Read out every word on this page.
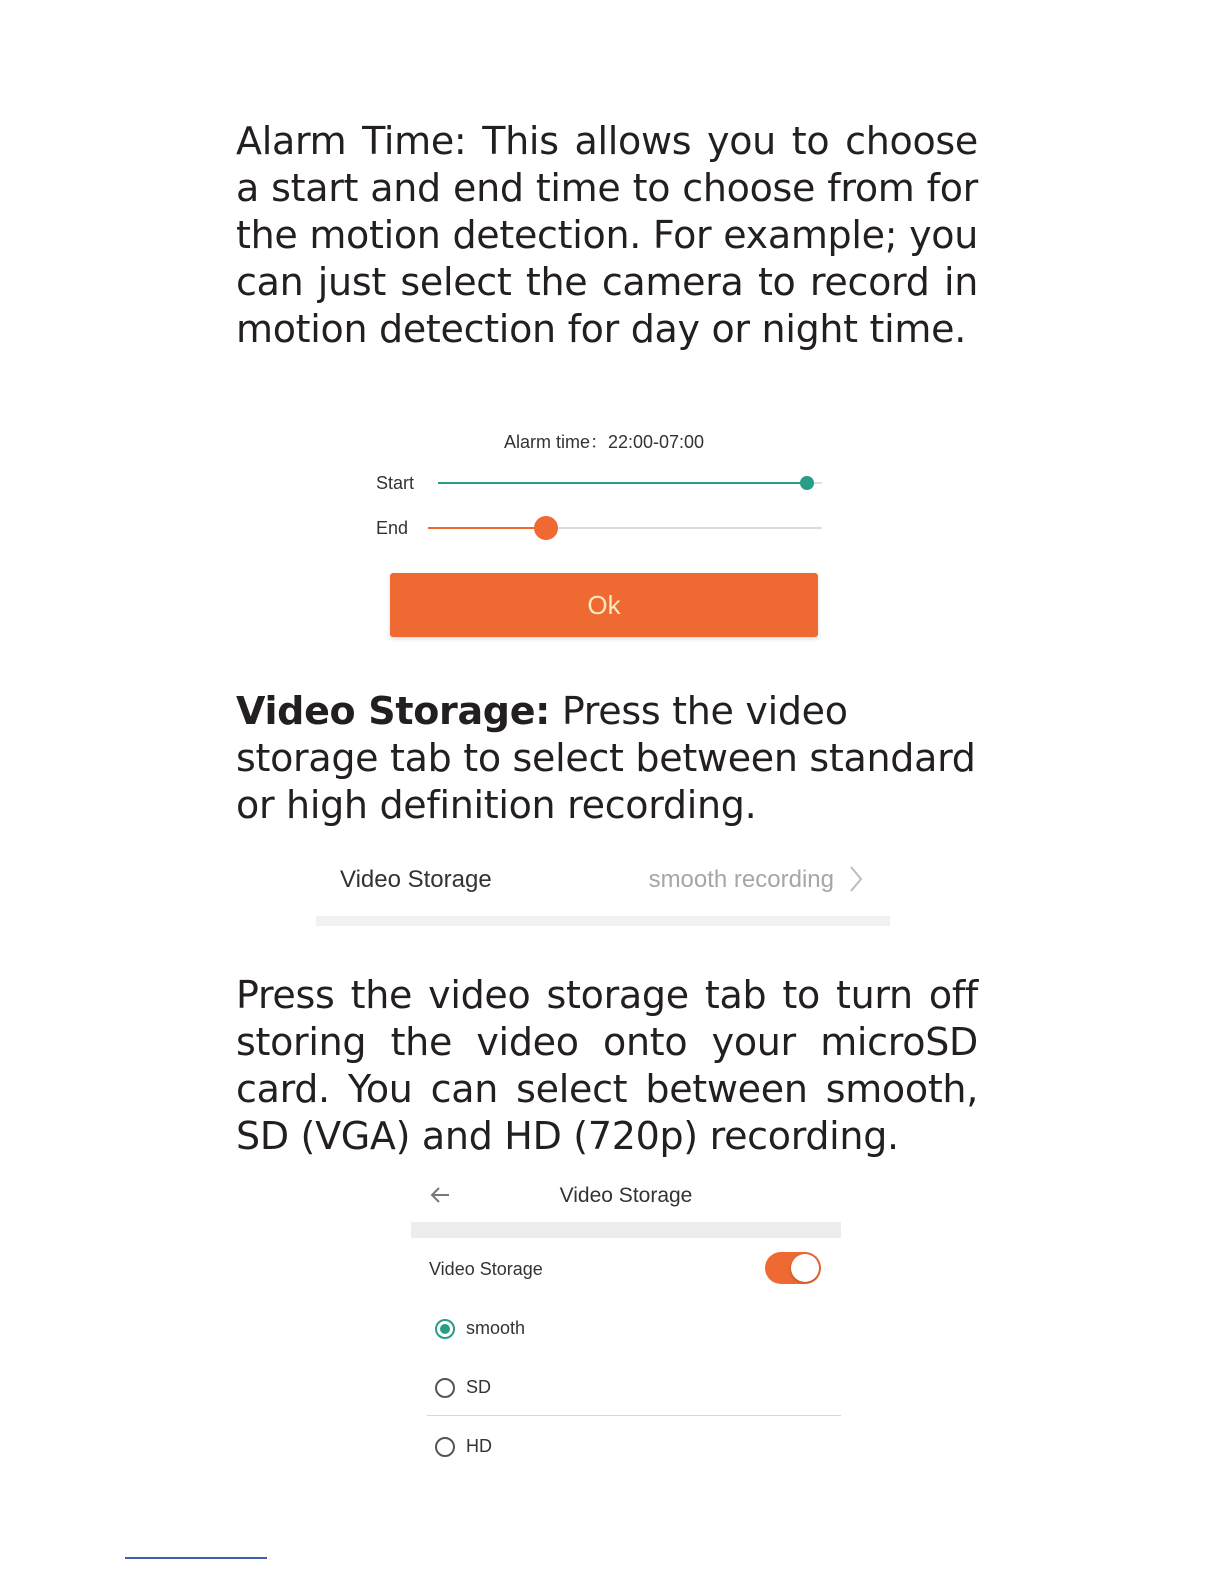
Alarm Time: This allows you to choose a start and end time to choose from for the motion detection. For example; you can just select the camera to record in motion detection for day or night time.

Alarm time：22:00-07:00
Start
End
Ok

Video Storage: Press the video storage tab to select between standard or high definition recording.

Video Storage	smooth recording

Press the video storage tab to turn off storing the video onto your microSD card. You can select between smooth, SD (VGA) and HD (720p) recording.

Video Storage
Video Storage
smooth
SD
HD
